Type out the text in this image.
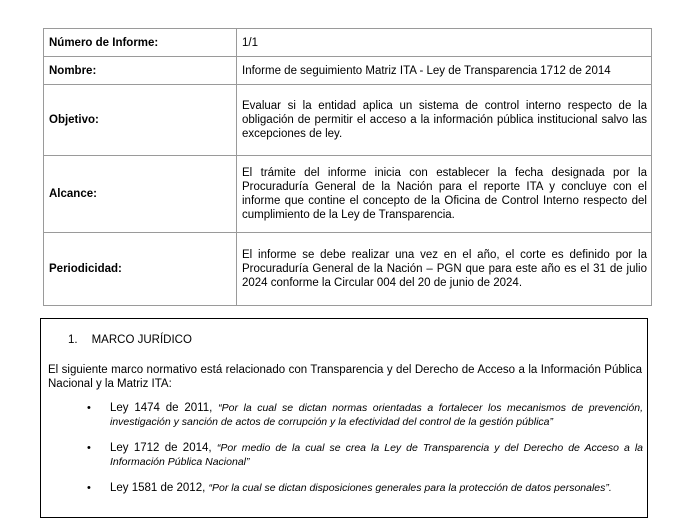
Número de Informe:	1/1
Nombre:	Informe de seguimiento Matriz ITA - Ley de Transparencia 1712 de 2014
Objetivo:	Evaluar si la entidad aplica un sistema de control interno respecto de la obligación de permitir el acceso a la información pública institucional salvo las excepciones de ley.
Alcance:	El trámite del informe inicia con establecer la fecha designada por la Procuraduría General de la Nación para el reporte ITA y concluye con el informe que contine el concepto de la Oficina de Control Interno respecto del cumplimiento de la Ley de Transparencia.
Periodicidad:	El informe se debe realizar una vez en el año, el corte es definido por la Procuraduría General de la Nación – PGN que para este año es el 31 de julio 2024 conforme la Circular 004 del 20 de junio de 2024.
1. MARCO JURÍDICO
El siguiente marco normativo está relacionado con Transparencia y del Derecho de Acceso a la Información Pública Nacional y la Matriz ITA:
• Ley 1474 de 2011, “Por la cual se dictan normas orientadas a fortalecer los mecanismos de prevención, investigación y sanción de actos de corrupción y la efectividad del control de la gestión pública”
• Ley 1712 de 2014, “Por medio de la cual se crea la Ley de Transparencia y del Derecho de Acceso a la Información Pública Nacional”
• Ley 1581 de 2012, “Por la cual se dictan disposiciones generales para la protección de datos personales”.
